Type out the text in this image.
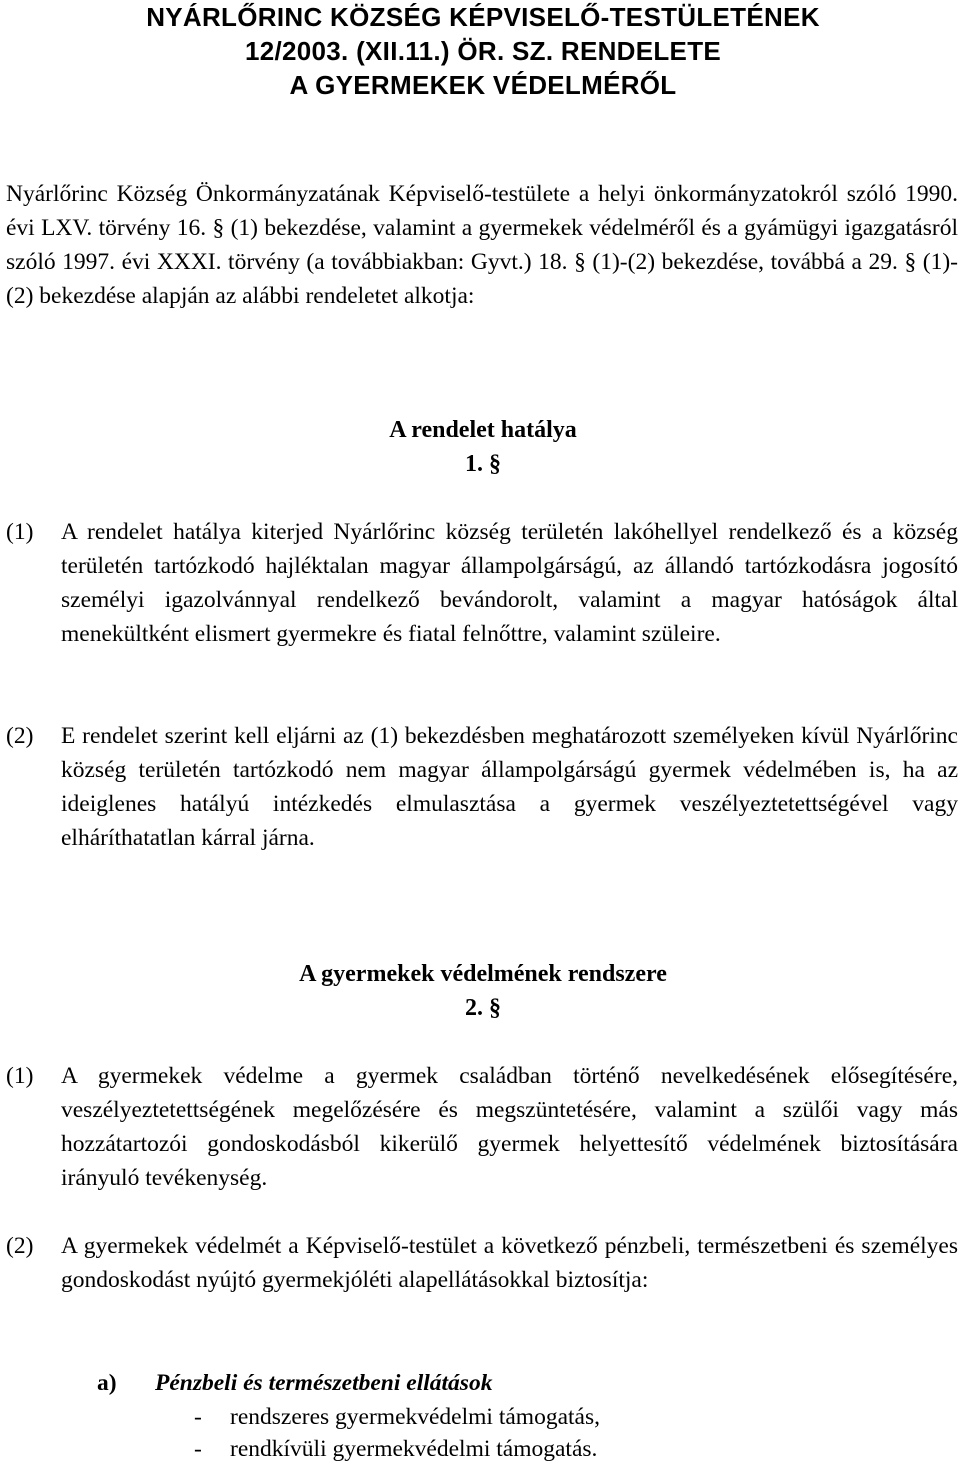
NYÁRLŐRINC KÖZSÉG KÉPVISELŐ-TESTÜLETÉNEK
12/2003. (XII.11.) ÖR. SZ. RENDELETE
A GYERMEKEK VÉDELMÉRŐL
Nyárlőrinc Község Önkormányzatának Képviselő-testülete a helyi önkormányzatokról szóló 1990. évi LXV. törvény 16. § (1) bekezdése, valamint a gyermekek védelméről és a gyámügyi igazgatásról szóló 1997. évi XXXI. törvény (a továbbiakban: Gyvt.) 18. § (1)-(2) bekezdése, továbbá a 29. § (1)-(2) bekezdése alapján az alábbi rendeletet alkotja:
A rendelet hatálya
1. §
(1) A rendelet hatálya kiterjed Nyárlőrinc község területén lakóhellyel rendelkező és a község területén tartózkodó hajléktalan magyar állampolgárságú, az állandó tartózkodásra jogosító személyi igazolvánnyal rendelkező bevándorolt, valamint a magyar hatóságok által menekültként elismert gyermekre és fiatal felnőttre, valamint szüleire.
(2) E rendelet szerint kell eljárni az (1) bekezdésben meghatározott személyeken kívül Nyárlőrinc község területén tartózkodó nem magyar állampolgárságú gyermek védelmében is, ha az ideiglenes hatályú intézkedés elmulasztása a gyermek veszélyeztetettségével vagy elháríthatatlan kárral járna.
A gyermekek védelmének rendszere
2. §
(1) A gyermekek védelme a gyermek családban történő nevelkedésének elősegítésére, veszélyeztetettségének megelőzésére és megszüntetésére, valamint a szülői vagy más hozzátartozói gondoskodásból kikerülő gyermek helyettesítő védelmének biztosítására irányuló tevékenység.
(2) A gyermekek védelmét a Képviselő-testület a következő pénzbeli, természetbeni és személyes gondoskodást nyújtó gyermekjóléti alapellátásokkal biztosítja:
a) Pénzbeli és természetbeni ellátások
- rendszeres gyermekvédelmi támogatás,
- rendkívüli gyermekvédelmi támogatás.
